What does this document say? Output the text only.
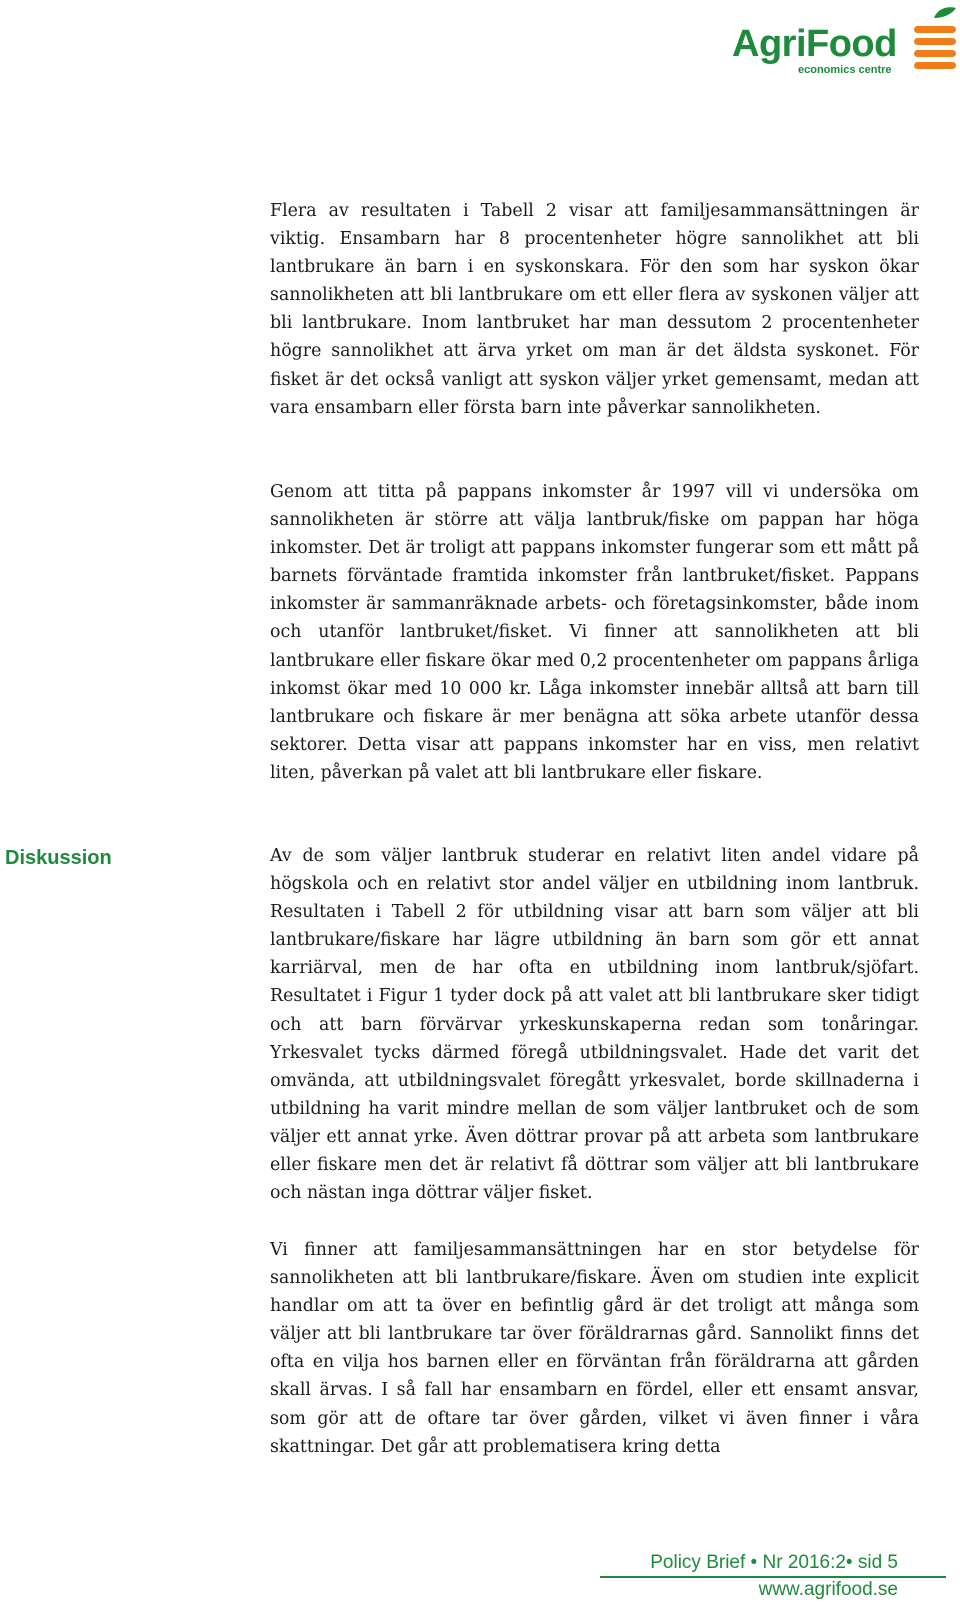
AgriFood
economics centre

Flera av resultaten i Tabell 2 visar att familjesammansättningen är viktig. Ensambarn har 8 procentenheter högre sannolikhet att bli lantbrukare än barn i en syskonskara. För den som har syskon ökar sannolikheten att bli lantbrukare om ett eller flera av syskonen väljer att bli lantbrukare. Inom lantbruket har man dessutom 2 procentenheter högre sannolikhet att ärva yrket om man är det äldsta syskonet. För fisket är det också vanligt att syskon väljer yrket gemensamt, medan att vara ensambarn eller första barn inte påverkar sannolikheten.

Genom att titta på pappans inkomster år 1997 vill vi undersöka om sannolikheten är större att välja lantbruk/fiske om pappan har höga inkomster. Det är troligt att pappans inkomster fungerar som ett mått på barnets förväntade framtida inkomster från lantbruket/fisket. Pappans inkomster är sammanräknade arbets- och företagsinkomster, både inom och utanför lantbruket/fisket. Vi finner att sannolikheten att bli lantbrukare eller fiskare ökar med 0,2 procentenheter om pappans årliga inkomst ökar med 10 000 kr. Låga inkomster innebär alltså att barn till lantbrukare och fiskare är mer benägna att söka arbete utanför dessa sektorer. Detta visar att pappans inkomster har en viss, men relativt liten, påverkan på valet att bli lantbrukare eller fiskare.

Diskussion	Av de som väljer lantbruk studerar en relativt liten andel vidare på högskola och en relativt stor andel väljer en utbildning inom lantbruk. Resultaten i Tabell 2 för utbildning visar att barn som väljer att bli lantbrukare/fiskare har lägre utbildning än barn som gör ett annat karriärval, men de har ofta en utbildning inom lantbruk/sjöfart. Resultatet i Figur 1 tyder dock på att valet att bli lantbrukare sker tidigt och att barn förvärvar yrkeskunskaperna redan som tonåringar. Yrkesvalet tycks därmed föregå utbildningsvalet. Hade det varit det omvända, att utbildningsvalet föregått yrkesvalet, borde skillnaderna i utbildning ha varit mindre mellan de som väljer lantbruket och de som väljer ett annat yrke. Även döttrar provar på att arbeta som lantbrukare eller fiskare men det är relativt få döttrar som väljer att bli lantbrukare och nästan inga döttrar väljer fisket.

Vi finner att familjesammansättningen har en stor betydelse för sannolikheten att bli lantbrukare/fiskare. Även om studien inte explicit handlar om att ta över en befintlig gård är det troligt att många som väljer att bli lantbrukare tar över föräldrarnas gård. Sannolikt finns det ofta en vilja hos barnen eller en förväntan från föräldrarna att gården skall ärvas. I så fall har ensambarn en fördel, eller ett ensamt ansvar, som gör att de oftare tar över gården, vilket vi även finner i våra skattningar. Det går att problematisera kring detta

Policy Brief • Nr 2016:2• sid 5
www.agrifood.se
